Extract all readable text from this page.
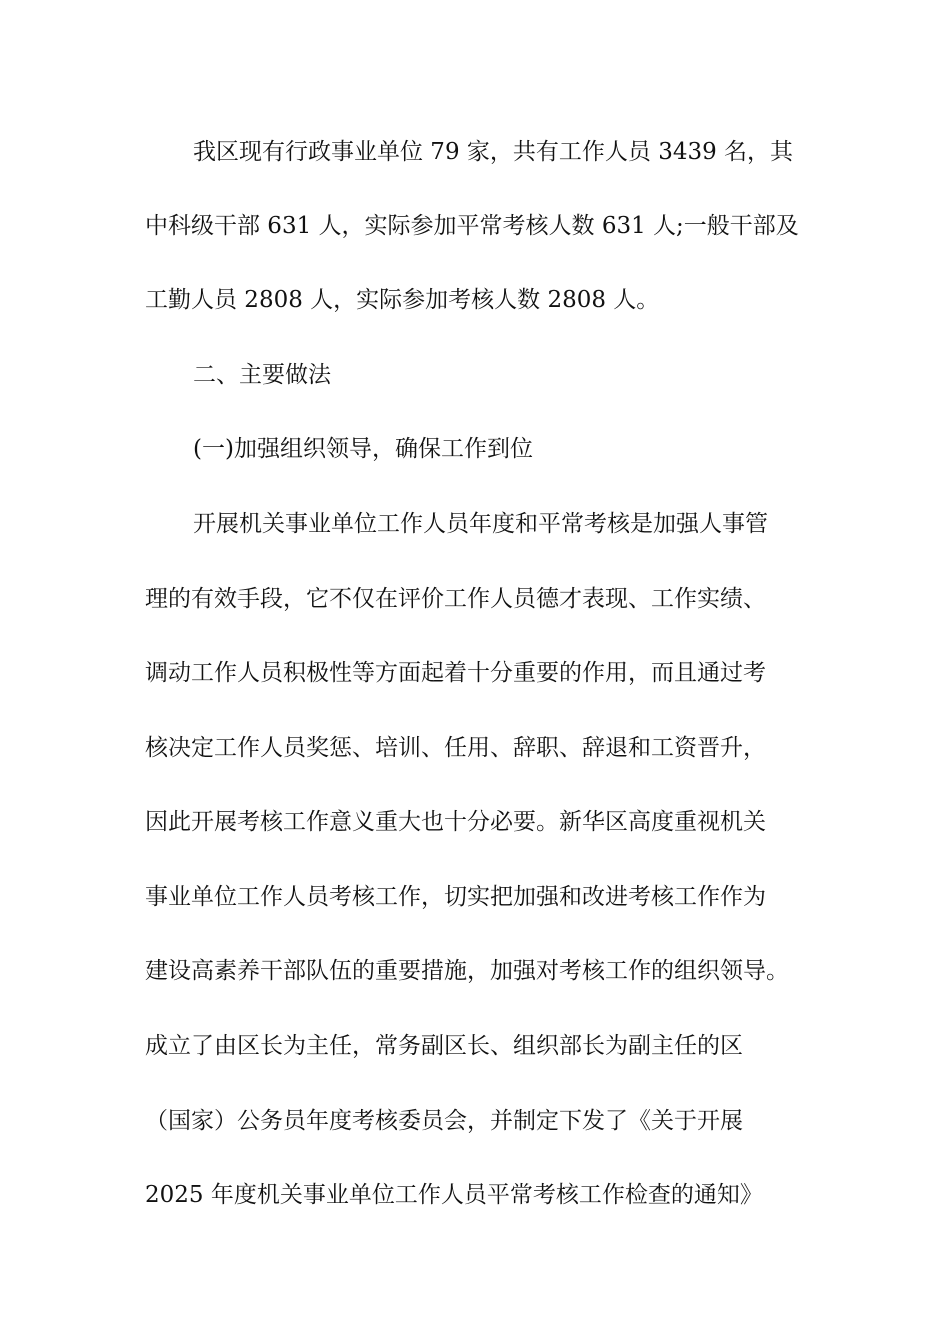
我区现有行政事业单位 79 家，共有工作人员 3439 名，其
中科级干部 631 人，实际参加平常考核人数 631 人;一般干部及
工勤人员 2808 人，实际参加考核人数 2808 人。
二、主要做法
(一)加强组织领导，确保工作到位
开展机关事业单位工作人员年度和平常考核是加强人事管
理的有效手段，它不仅在评价工作人员德才表现、工作实绩、
调动工作人员积极性等方面起着十分重要的作用，而且通过考
核决定工作人员奖惩、培训、任用、辞职、辞退和工资晋升，
因此开展考核工作意义重大也十分必要。新华区高度重视机关
事业单位工作人员考核工作，切实把加强和改进考核工作作为
建设高素养干部队伍的重要措施，加强对考核工作的组织领导。
成立了由区长为主任，常务副区长、组织部长为副主任的区
（国家）公务员年度考核委员会，并制定下发了《关于开展
2025 年度机关事业单位工作人员平常考核工作检查的通知》
